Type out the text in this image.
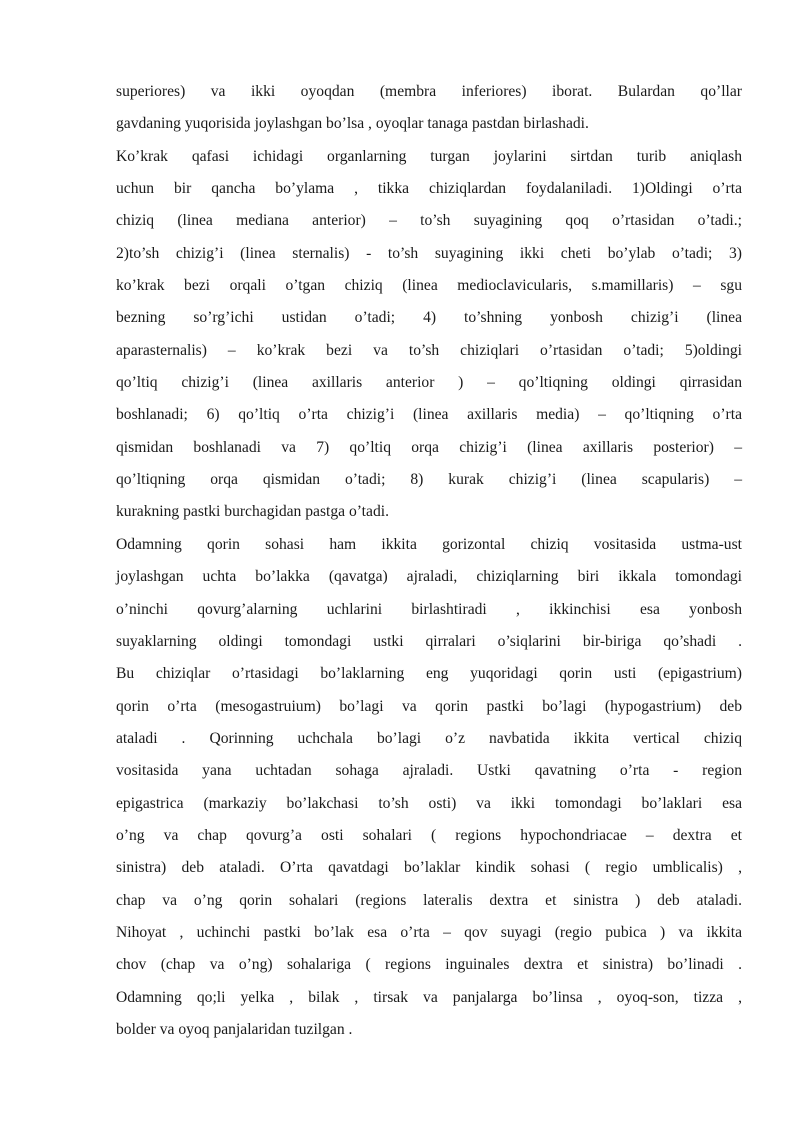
superiores) va ikki oyoqdan (membra inferiores) iborat. Bulardan qo’llar
gavdaning yuqorisida joylashgan bo’lsa , oyoqlar tanaga pastdan birlashadi.
Ko’krak qafasi ichidagi organlarning turgan joylarini sirtdan turib aniqlash
uchun bir qancha bo’ylama , tikka chiziqlardan foydalaniladi. 1)Oldingi o’rta
chiziq (linea mediana anterior) – to’sh suyagining qoq o’rtasidan o’tadi.;
2)to’sh chizig’i (linea sternalis) - to’sh suyagining ikki cheti bo’ylab o’tadi; 3)
ko’krak bezi orqali o’tgan chiziq (linea medioclavicularis, s.mamillaris) – sgu
bezning so’rg’ichi ustidan o’tadi; 4) to’shning yonbosh chizig’i (linea
aparasternalis) – ko’krak bezi va to’sh chiziqlari o’rtasidan o’tadi; 5)oldingi
qo’ltiq chizig’i (linea axillaris anterior ) – qo’ltiqning oldingi qirrasidan
boshlanadi; 6) qo’ltiq o’rta chizig’i (linea axillaris media) – qo’ltiqning o’rta
qismidan boshlanadi va 7) qo’ltiq orqa chizig’i (linea axillaris posterior) –
qo’ltiqning orqa qismidan o’tadi; 8) kurak chizig’i (linea scapularis) –
kurakning pastki burchagidan pastga o’tadi.
Odamning qorin sohasi ham ikkita gorizontal chiziq vositasida ustma-ust
joylashgan uchta bo’lakka (qavatga) ajraladi, chiziqlarning biri ikkala tomondagi
o’ninchi qovurg’alarning uchlarini birlashtiradi , ikkinchisi esa yonbosh
suyaklarning oldingi tomondagi ustki qirralari o’siqlarini bir-biriga qo’shadi .
Bu chiziqlar o’rtasidagi bo’laklarning eng yuqoridagi qorin usti (epigastrium)
qorin o’rta (mesogastruium) bo’lagi va qorin pastki bo’lagi (hypogastrium) deb
ataladi . Qorinning uchchala bo’lagi o’z navbatida ikkita vertical chiziq
vositasida yana uchtadan sohaga ajraladi. Ustki qavatning o’rta - region
epigastrica (markaziy bo’lakchasi to’sh osti) va ikki tomondagi bo’laklari esa
o’ng va chap qovurg’a osti sohalari ( regions hypochondriacae – dextra et
sinistra) deb ataladi. O’rta qavatdagi bo’laklar kindik sohasi ( regio umblicalis) ,
chap va o’ng qorin sohalari (regions lateralis dextra et sinistra ) deb ataladi.
Nihoyat , uchinchi pastki bo’lak esa o’rta – qov suyagi (regio pubica ) va ikkita
chov (chap va o’ng) sohalariga ( regions inguinales dextra et sinistra) bo’linadi .
Odamning qo;li yelka , bilak , tirsak va panjalarga bo’linsa , oyoq-son, tizza ,
bolder va oyoq panjalaridan tuzilgan .
